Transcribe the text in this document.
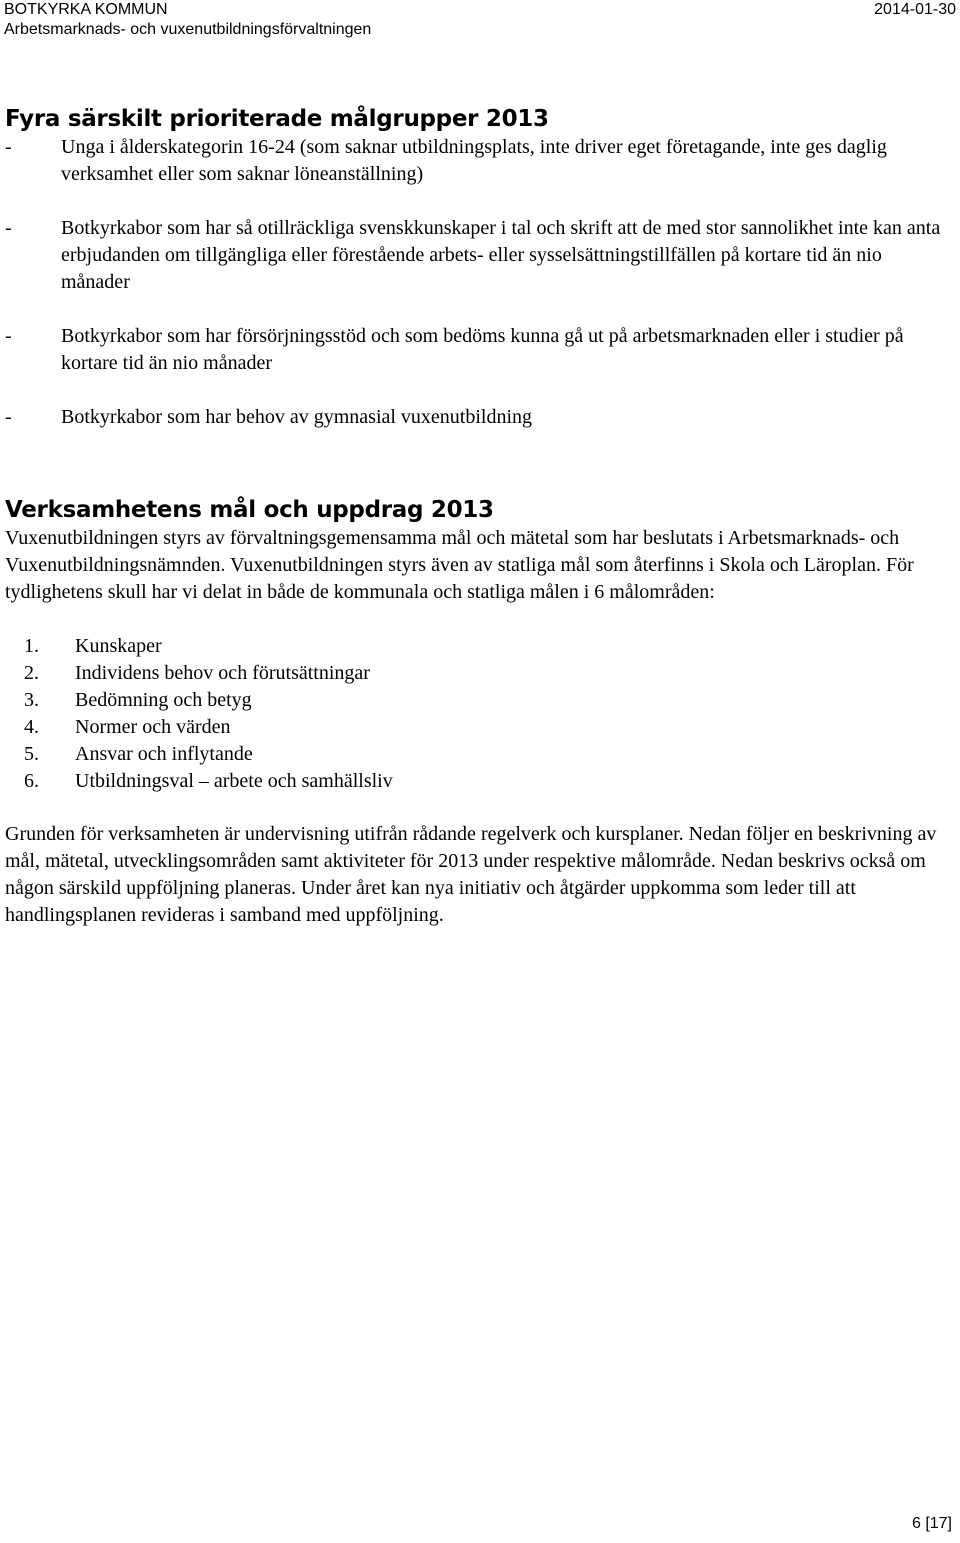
BOTKYRKA KOMMUN
Arbetsmarknads- och vuxenutbildningsförvaltningen
2014-01-30
Fyra särskilt prioriterade målgrupper 2013
-	Unga i ålderskategorin 16-24 (som saknar utbildningsplats, inte driver eget företagande, inte ges daglig verksamhet eller som saknar löneanställning)
-	Botkyrkabor som har så otillräckliga svenskkunskaper i tal och skrift att de med stor sannolikhet inte kan anta erbjudanden om tillgängliga eller förestående arbets- eller sysselsättningstillfällen på kortare tid än nio månader
-	Botkyrkabor som har försörjningsstöd och som bedöms kunna gå ut på arbetsmarknaden eller i studier på kortare tid än nio månader
-	Botkyrkabor som har behov av gymnasial vuxenutbildning
Verksamhetens mål och uppdrag 2013

Vuxenutbildningen styrs av förvaltningsgemensamma mål och mätetal som har beslutats i Arbetsmarknads- och Vuxenutbildningsnämnden. Vuxenutbildningen styrs även av statliga mål som återfinns i Skola och Läroplan. För tydlighetens skull har vi delat in både de kommunala och statliga målen i 6 målområden:

1.	Kunskaper
2.	Individens behov och förutsättningar
3.	Bedömning och betyg
4.	Normer och värden
5.	Ansvar och inflytande
6.	Utbildningsval – arbete och samhällsliv

Grunden för verksamheten är undervisning utifrån rådande regelverk och kursplaner. Nedan följer en beskrivning av mål, mätetal, utvecklingsområden samt aktiviteter för 2013 under respektive målområde. Nedan beskrivs också om någon särskild uppföljning planeras. Under året kan nya initiativ och åtgärder uppkomma som leder till att handlingsplanen revideras i samband med uppföljning.

6 [17]
